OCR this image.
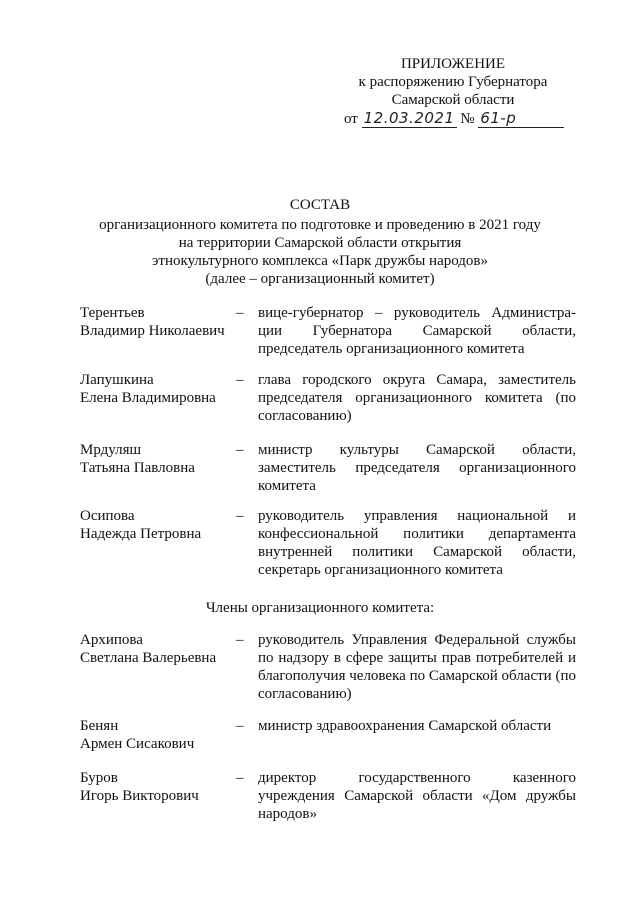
ПРИЛОЖЕНИЕ
к распоряжению Губернатора
Самарской области
от 12.03.2021 № 61-р
СОСТАВ
организационного комитета по подготовке и проведению в 2021 году
на территории Самарской области открытия
этнокультурного комплекса «Парк дружбы народов»
(далее – организационный комитет)
Терентьев
Владимир Николаевич
– вице-губернатор – руководитель Администра-ции Губернатора Самарской области, председатель организационного комитета
Лапушкина
Елена Владимировна
– глава городского округа Самара, заместитель председателя организационного комитета (по согласованию)
Мрдуляш
Татьяна Павловна
– министр культуры Самарской области, заместитель председателя организационного комитета
Осипова
Надежда Петровна
– руководитель управления национальной и конфессиональной политики департамента внутренней политики Самарской области, секретарь организационного комитета
Члены организационного комитета:
Архипова
Светлана Валерьевна
– руководитель Управления Федеральной службы по надзору в сфере защиты прав потребителей и благополучия человека по Самарской области (по согласованию)
Бенян
Армен Сисакович
– министр здравоохранения Самарской области
Буров
Игорь Викторович
– директор государственного казенного учреждения Самарской области «Дом дружбы народов»
